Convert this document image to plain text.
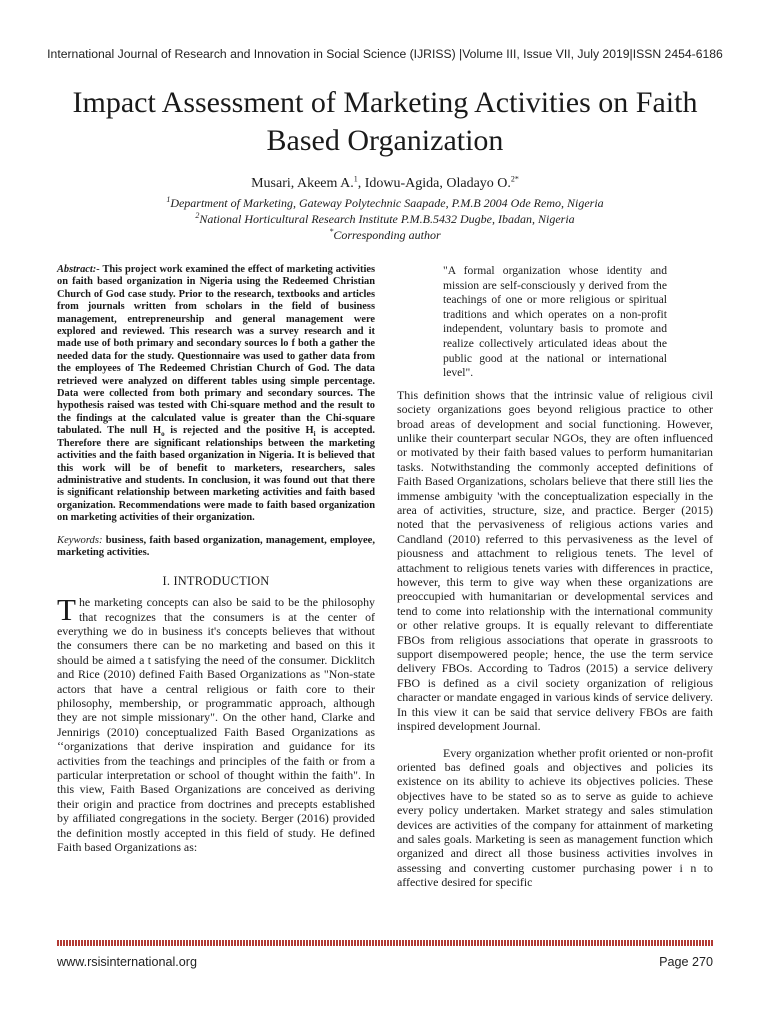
International Journal of Research and Innovation in Social Science (IJRISS) |Volume III, Issue VII, July 2019|ISSN 2454-6186
Impact Assessment of Marketing Activities on Faith
Based Organization
Musari, Akeem A.$^1$, Idowu-Agida, Oladayo O.$^{2*}$
$^1$Department of Marketing, Gateway Polytechnic Saapade, P.M.B 2004 Ode Remo, Nigeria
$^2$National Horticultural Research Institute P.M.B.5432 Dugbe, Ibadan, Nigeria
*Corresponding author

Abstract:- This project work examined the effect of marketing activities on faith based organization in Nigeria using the Redeemed Christian Church of God case study. Prior to the research, textbooks and articles from journals written from scholars in the field of business management, entrepreneurship and general management were explored and reviewed. This research was a survey research and it made use of both primary and secondary sources lo f both a gather the needed data for the study. Questionnaire was used to gather data from the employees of The Redeemed Christian Church of God. The data retrieved were analyzed on different tables using simple percentage. Data were collected from both primary and secondary sources. The hypothesis raised was tested with Chi-square method and the result to the findings at the calculated value is greater than the Chi-square tabulated. The null $H_o$ is rejected and the positive $H_i$ is accepted. Therefore there are significant relationships between the marketing activities and the faith based organization in Nigeria. It is believed that this work will be of benefit to marketers, researchers, sales administrative and students. In conclusion, it was found out that there is significant relationship between marketing activities and faith based organization. Recommendations were made to faith based organization on marketing activities of their organization.

Keywords: business, faith based organization, management, employee, marketing activities.

I. INTRODUCTION

The marketing concepts can also be said to be the philosophy that recognizes that the consumers is at the center of everything we do in business it's concepts believes that without the consumers there can be no marketing and based on this it should be aimed a t satisfying the need of the consumer. Dicklitch and Rice (2010) defined Faith Based Organizations as "Non-state actors that have a central religious or faith core to their philosophy, membership, or programmatic approach, although they are not simple missionary". On the other hand, Clarke and Jennirigs (2010) conceptualized Faith Based Organizations as ‘‘organizations that derive inspiration and guidance for its activities from the teachings and principles of the faith or from a particular interpretation or school of thought within the faith". In this view, Faith Based Organizations are conceived as deriving their origin and practice from doctrines and precepts established by affiliated congregations in the society. Berger (2016) provided the definition mostly accepted in this field of study. He defined Faith based Organizations as:

"A formal organization whose identity and mission are self-consciously y derived from the teachings of one or more religious or spiritual traditions and which operates on a non-profit independent, voluntary basis to promote and realize collectively articulated ideas about the public good at the national or international level".

This definition shows that the intrinsic value of religious civil society organizations goes beyond religious practice to other broad areas of development and social functioning. However, unlike their counterpart secular NGOs, they are often influenced or motivated by their faith based values to perform humanitarian tasks. Notwithstanding the commonly accepted definitions of Faith Based Organizations, scholars believe that there still lies the immense ambiguity 'with the conceptualization especially in the area of activities, structure, size, and practice. Berger (2015) noted that the pervasiveness of religious actions varies and Candland (2010) referred to this pervasiveness as the level of piousness and attachment to religious tenets. The level of attachment to religious tenets varies with differences in practice, however, this term to give way when these organizations are preoccupied with humanitarian or developmental services and tend to come into relationship with the international community or other relative groups. It is equally relevant to differentiate FBOs from religious associations that operate in grassroots to support disempowered people; hence, the use the term service delivery FBOs. According to Tadros (2015) a service delivery FBO is defined as a civil society organization of religious character or mandate engaged in various kinds of service delivery. In this view it can be said that service delivery FBOs are faith inspired development Journal.

Every organization whether profit oriented or non-profit oriented bas defined goals and objectives and policies its existence on its ability to achieve its objectives policies. These objectives have to be stated so as to serve as guide to achieve every policy undertaken. Market strategy and sales stimulation devices are activities of the company for attainment of marketing and sales goals. Marketing is seen as management function which organized and direct all those business activities involves in assessing and converting customer purchasing power i n to affective desired for specific

www.rsisinternational.org	Page 270
